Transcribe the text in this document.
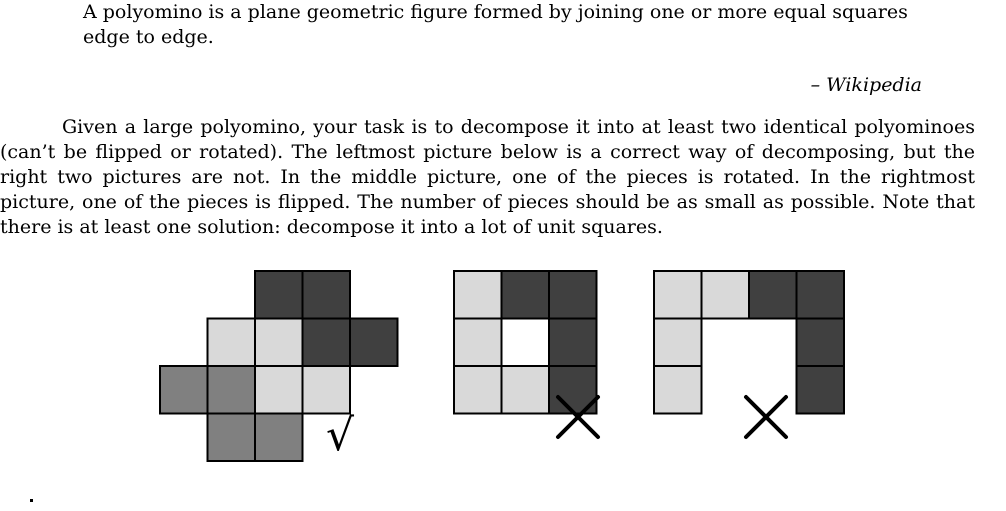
A polyomino is a plane geometric figure formed by joining one or more equal squares edge to edge.

– Wikipedia

Given a large polyomino, your task is to decompose it into at least two identical polyominoes (can’t be flipped or rotated). The leftmost picture below is a correct way of decomposing, but the right two pictures are not. In the middle picture, one of the pieces is rotated. In the rightmost picture, one of the pieces is flipped. The number of pieces should be as small as possible. Note that there is at least one solution: decompose it into a lot of unit squares.

√
